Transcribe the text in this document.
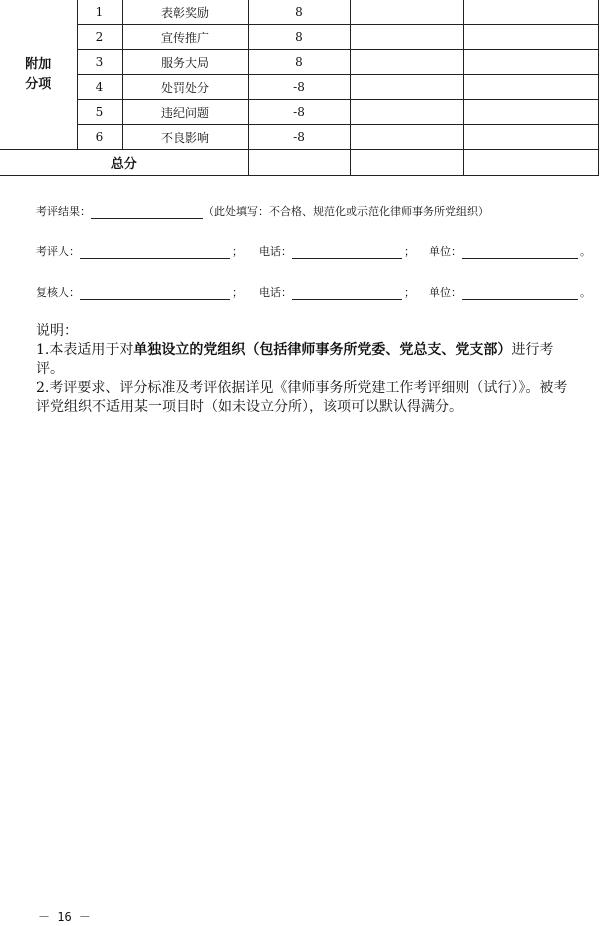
附加
分项	1	表彰奖励	8		
	2	宣传推广	8		
	3	服务大局	8		
	4	处罚处分	-8		
	5	违纪问题	-8		
	6	不良影响	-8		
总分					
考评结果：	（此处填写：不合格、规范化或示范化律师事务所党组织）
考评人：	； 电话：	； 单位：	。
复核人：	； 电话：	； 单位：	。

说明：

1.本表适用于对单独设立的党组织（包括律师事务所党委、党总支、党支部）进行考评。

2.考评要求、评分标准及考评依据详见《律师事务所党建工作考评细则（试行）》。被考评党组织不适用某一项目时（如未设立分所），该项可以默认得满分。

－ 16 －
